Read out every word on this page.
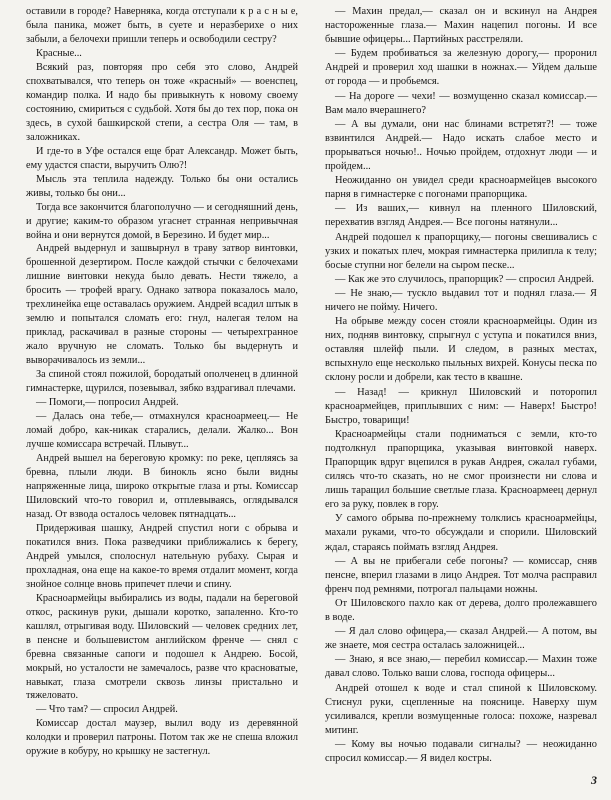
оставили в городе? Наверняка, когда отступали к р а с н ы е, была паника, может быть, в суете и неразберихе о них забыли, а белочехи пришли теперь и освободили сестру?

Красные...

Всякий раз, повторяя про себя это слово, Андрей спохватывался, что теперь он тоже «красный» — военспец, командир полка. И надо бы привыкнуть к новому своему состоянию, смириться с судьбой. Хотя бы до тех пор, пока он здесь, в сухой башкирской степи, а сестра Оля — там, в заложниках.

И где-то в Уфе остался еще брат Александр. Может быть, ему удастся спасти, выручить Олю?!

Мысль эта теплила надежду. Только бы они остались живы, только бы они...

Тогда все закончится благополучно — и сегодняшний день, и другие; каким-то образом угаснет странная непривычная война и они вернутся домой, в Березино. И будет мир...

Андрей выдернул и зашвырнул в траву затвор винтовки, брошенной дезертиром. После каждой стычки с белочехами лишние винтовки некуда было девать. Нести тяжело, а бросить — трофей врагу. Однако затвора показалось мало, трехлинейка еще оставалась оружием. Андрей всадил штык в землю и попытался сломать его: гнул, налегая телом на приклад, раскачивал в разные стороны — четырехгранное жало вручную не сломать. Только бы выдернуть и выворачивалось из земли...

За спиной стоял пожилой, бородатый ополченец в длинной гимнастерке, щурился, позевывал, зябко вздрагивал плечами.

— Помоги,— попросил Андрей.

— Далась она тебе,— отмахнулся красноармеец.— Не ломай добро, как-никак старались, делали. Жалко... Вон лучше комиссара встречай. Плывут...

Андрей вышел на береговую кромку: по реке, цепляясь за бревна, плыли люди. В бинокль ясно были видны напряженные лица, широко открытые глаза и рты. Комиссар Шиловский что-то говорил и, отплевываясь, оглядывался назад. От взвода осталось человек пятнадцать...

Придерживая шашку, Андрей спустил ноги с обрыва и покатился вниз. Пока разведчики приближались к берегу, Андрей умылся, сполоснул нательную рубаху. Сырая и прохладная, она еще на какое-то время отдалит момент, когда знойное солнце вновь припечет плечи и спину.

Красноармейцы выбирались из воды, падали на береговой откос, раскинув руки, дышали коротко, запаленно. Кто-то кашлял, отрыгивая воду. Шиловский — человек средних лет, в пенсне и большевистом английском френче — снял с бревна связанные сапоги и подошел к Андрею. Босой, мокрый, но усталости не замечалось, разве что красноватые, навыкат, глаза смотрели сквозь линзы пристально и тяжеловато.

— Что там? — спросил Андрей.

Комиссар достал маузер, вылил воду из деревянной колодки и проверил патроны. Потом так же не спеша вложил оружие в кобуру, но крышку не застегнул.

— Махин предал,— сказал он и вскинул на Андрея настороженные глаза.— Махин нацепил погоны. И все бывшие офицеры... Партийных расстреляли.

— Будем пробиваться за железную дорогу,— проронил Андрей и проверил ход шашки в ножнах.— Уйдем дальше от города — и пробьемся.

— На дороге — чехи! — возмущенно сказал комиссар.— Вам мало вчерашнего?

— А вы думали, они нас блинами встретят?! — тоже взвинтился Андрей.— Надо искать слабое место и прорываться ночью!.. Ночью пройдем, отдохнут люди — и пройдем...

Неожиданно он увидел среди красноармейцев высокого парня в гимнастерке с погонами прапорщика.

— Из ваших,— кивнул на пленного Шиловский, перехватив взгляд Андрея.— Все погоны натянули...

Андрей подошел к прапорщику,— погоны свешивались с узких и покатых плеч, мокрая гимнастерка прилипла к телу; босые ступни ног белели на сыром песке...

— Как же это случилось, прапорщик? — спросил Андрей.

— Не знаю,— тускло выдавил тот и поднял глаза.— Я ничего не пойму. Ничего.

На обрыве между сосен стояли красноармейцы. Один из них, подняв винтовку, спрыгнул с уступа и покатился вниз, оставляя шлейф пыли. И следом, в разных местах, вспыхнуло еще несколько пыльных вихрей. Конусы песка по склону росли и добрели, как тесто в квашне.

— Назад! — крикнул Шиловский и поторопил красноармейцев, приплывших с ним: — Наверх! Быстро! Быстро, товарищи!

Красноармейцы стали подниматься с земли, кто-то подтолкнул прапорщика, указывая винтовкой наверх. Прапорщик вдруг вцепился в рукав Андрея, сжалал губами, силясь что-то сказать, но не смог произнести ни слова и лишь таращил большие светлые глаза. Красноармеец дернул его за руку, повлек в гору.

У самого обрыва по-прежнему толклись красноармейцы, махали руками, что-то обсуждали и спорили. Шиловский ждал, стараясь поймать взгляд Андрея.

— А вы не прибегали себе погоны? — комиссар, сняв пенсне, вперил глазами в лицо Андрея. Тот молча расправил френч под ремнями, потрогал пальцами ножны.

От Шиловского пахло как от дерева, долго пролежавшего в воде.

— Я дал слово офицера,— сказал Андрей.— А потом, вы же знаете, моя сестра осталась заложницей...

— Знаю, я все знаю,— перебил комиссар.— Махин тоже давал слово. Только ваши слова, господа офицеры...

Андрей отошел к воде и стал спиной к Шиловскому. Стиснул руки, сцепленные на пояснице. Наверху шум усиливался, крепли возмущенные голоса: похоже, назревал митинг.

— Кому вы ночью подавали сигналы? — неожиданно спросил комиссар.— Я видел костры.

3
